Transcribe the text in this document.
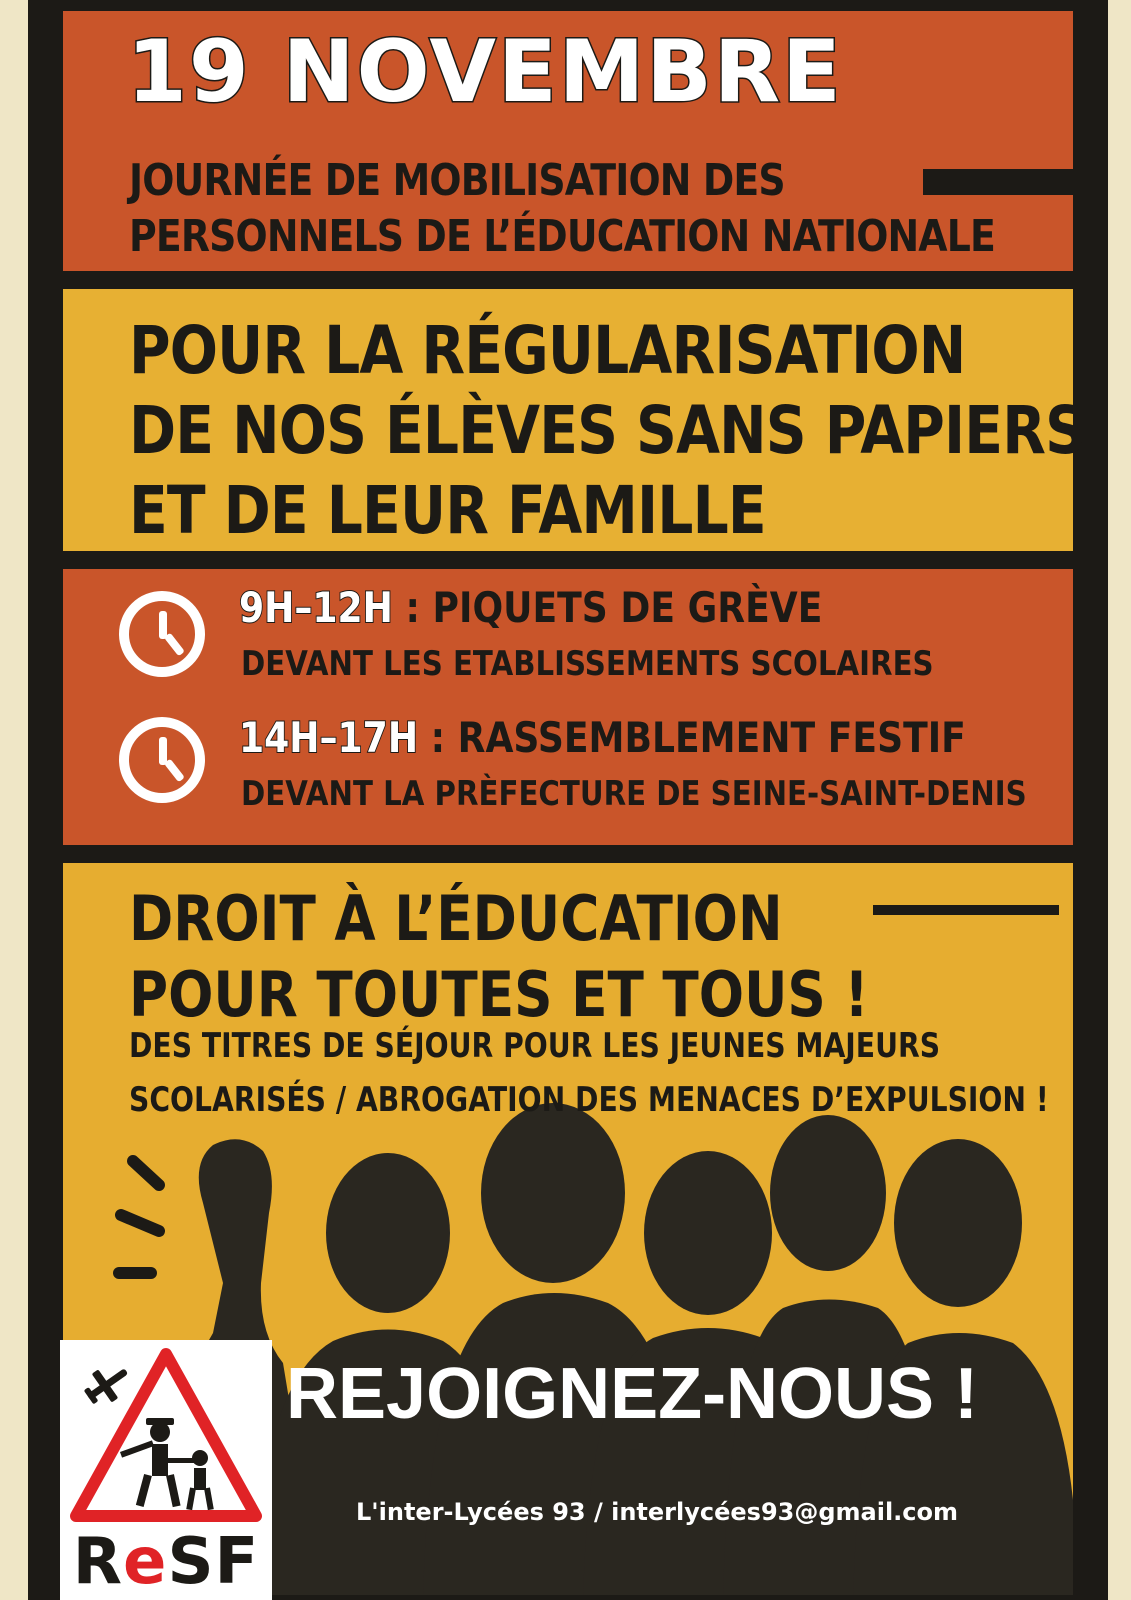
19 NOVEMBRE
JOURNÉE DE MOBILISATION DES
PERSONNELS DE L’ÉDUCATION NATIONALE
POUR LA RÉGULARISATION
DE NOS ÉLÈVES SANS PAPIERS
ET DE LEUR FAMILLE
9H–12H : PIQUETS DE GRÈVE
DEVANT LES ETABLISSEMENTS SCOLAIRES
14H–17H : RASSEMBLEMENT FESTIF
DEVANT LA PRÈFECTURE DE SEINE-SAINT-DENIS
DROIT À L’ÉDUCATION
POUR TOUTES ET TOUS !
DES TITRES DE SÉJOUR POUR LES JEUNES MAJEURS
SCOLARISÉS / ABROGATION DES MENACES D’EXPULSION !
ReSF
REJOIGNEZ-NOUS !
L'inter-Lycées 93 / interlycées93@gmail.com
